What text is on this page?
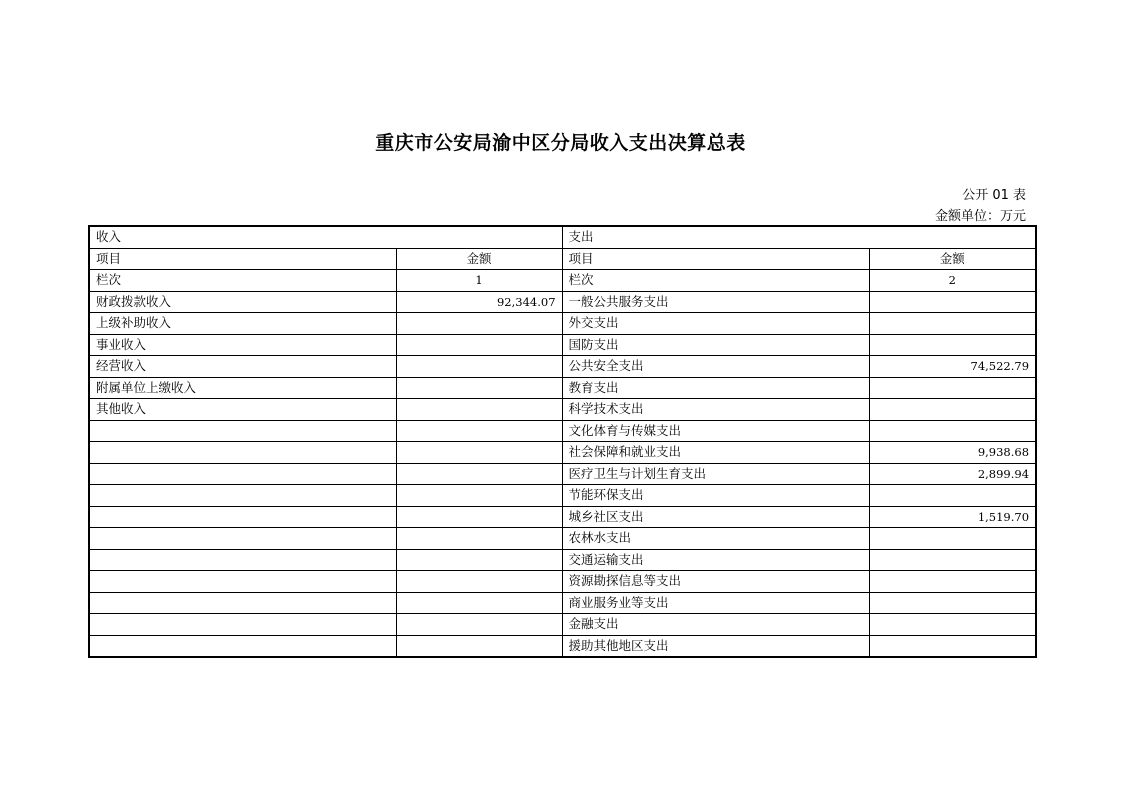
重庆市公安局渝中区分局收入支出决算总表
公开 01 表
金额单位：万元
收入		支出	
项目	金额	项目	金额
栏次	1	栏次	2
财政拨款收入	92,344.07	一般公共服务支出	
上级补助收入		外交支出	
事业收入		国防支出	
经营收入		公共安全支出	74,522.79
附属单位上缴收入		教育支出	
其他收入		科学技术支出	
		文化体育与传媒支出	
		社会保障和就业支出	9,938.68
		医疗卫生与计划生育支出	2,899.94
		节能环保支出	
		城乡社区支出	1,519.70
		农林水支出	
		交通运输支出	
		资源勘探信息等支出	
		商业服务业等支出	
		金融支出	
		援助其他地区支出	
